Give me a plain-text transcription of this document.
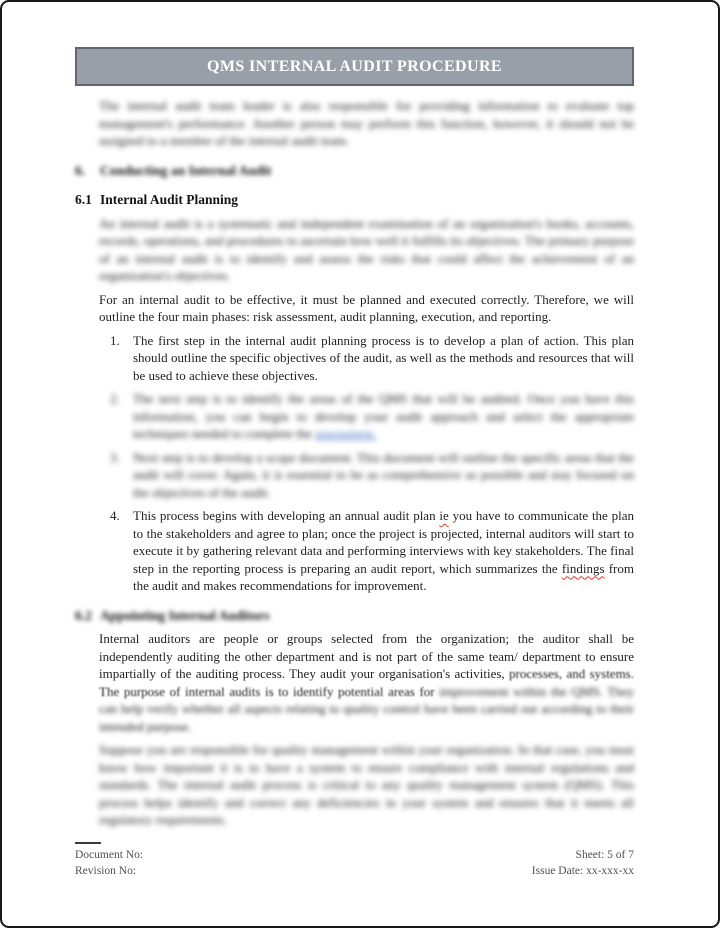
QMS INTERNAL AUDIT PROCEDURE

The internal audit team leader is also responsible for providing information to evaluate top management's performance. Another person may perform this function, however, it should not be assigned to a member of the internal audit team.

6.	Conducting an Internal Audit
6.1 Internal Audit Planning

An internal audit is a systematic and independent examination of an organization's books, accounts, records, operations, and procedures to ascertain how well it fulfills its objectives. The primary purpose of an internal audit is to identify and assess the risks that could affect the achievement of an organization's objectives.

For an internal audit to be effective, it must be planned and executed correctly. Therefore, we will outline the four main phases: risk assessment, audit planning, execution, and reporting.

1. The first step in the internal audit planning process is to develop a plan of action. This plan should outline the specific objectives of the audit, as well as the methods and resources that will be used to achieve these objectives.

2. The next step is to identify the areas of the QMS that will be audited. Once you have this information, you can begin to develop your audit approach and select the appropriate techniques needed to complete the assessment.

3. Next step is to develop a scope document. This document will outline the specific areas that the audit will cover. Again, it is essential to be as comprehensive as possible and stay focused on the objectives of the audit.

4. This process begins with developing an annual audit plan ie you have to communicate the plan to the stakeholders and agree to plan; once the project is projected, internal auditors will start to execute it by gathering relevant data and performing interviews with key stakeholders. The final step in the reporting process is preparing an audit report, which summarizes the findings from the audit and makes recommendations for improvement.

6.2 Appointing Internal Auditors

Internal auditors are people or groups selected from the organization; the auditor shall be independently auditing the other department and is not part of the same team/ department to ensure impartially of the auditing process. They audit your organisation's activities, processes, and systems. The purpose of internal audits is to identify potential areas for improvement within the QMS. They can help verify whether all aspects relating to quality control have been carried out according to their intended purpose.

Suppose you are responsible for quality management within your organization. In that case, you must know how important it is to have a system to ensure compliance with internal regulations and standards. The internal audit process is critical to any quality management system (QMS). This process helps identify and correct any deficiencies in your system and ensures that it meets all regulatory requirements.

Document No:
Revision No:
Sheet: 5 of 7
Issue Date: xx-xxx-xx
